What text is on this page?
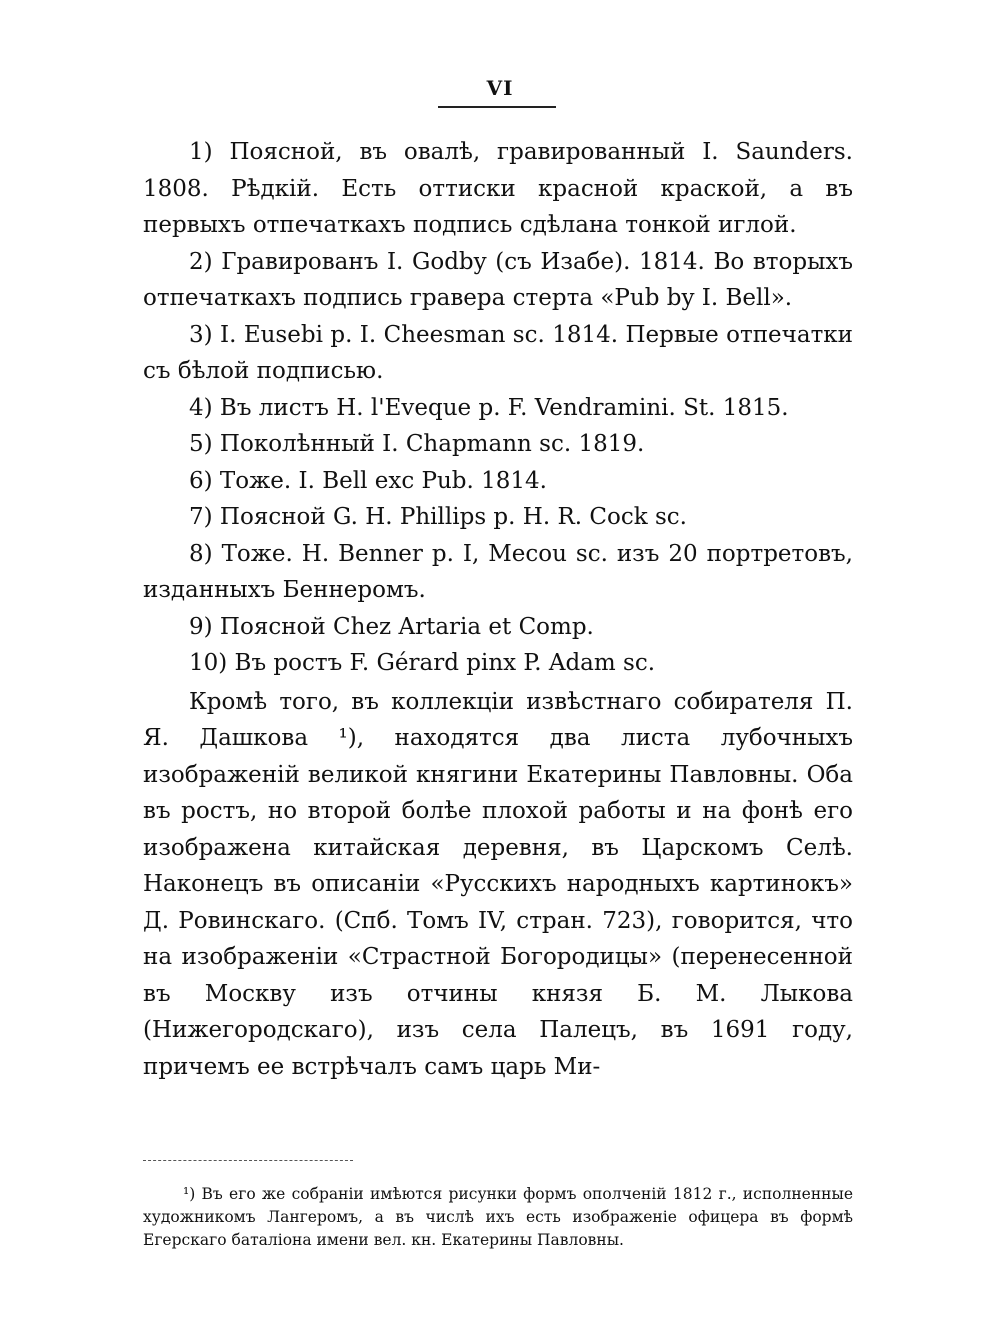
VI

1) Поясной, въ овалѣ, гравированный I. Saunders. 1808. Рѣдкій. Есть оттиски красной краской, а въ первыхъ отпечаткахъ подпись сдѣлана тонкой иглой.

2) Гравированъ I. Godby (съ Изабе). 1814. Во вторыхъ отпечаткахъ подпись гравера стерта «Pub by I. Bell».

3) I. Eusebi p. I. Cheesman sc. 1814. Первые отпечатки съ бѣлой подписью.

4) Въ листъ H. l'Eveque p. F. Vendramini. St. 1815.

5) Поколѣнный I. Chapmann sc. 1819.

6) Тоже. I. Bell exc Pub. 1814.

7) Поясной G. H. Phillips p. H. R. Cock sc.

8) Тоже. H. Benner p. I, Mecou sc. изъ 20 портретовъ, изданныхъ Беннеромъ.

9) Поясной Chez Artaria et Comp.

10) Въ ростъ F. Gérard pinx P. Adam sc.

Кромѣ того, въ коллекціи извѣстнаго собирателя П. Я. Дашкова ¹), находятся два листа лубочныхъ изображеній великой княгини Екатерины Павловны. Оба въ ростъ, но второй болѣе плохой работы и на фонѣ его изображена китайская деревня, въ Царскомъ Селѣ. Наконецъ въ описаніи «Русскихъ народныхъ картинокъ» Д. Ровинскаго. (Спб. Томъ IV, стран. 723), говорится, что на изображеніи «Страстной Богородицы» (перенесенной въ Москву изъ отчины князя Б. М. Лыкова (Нижегородскаго), изъ села Палецъ, въ 1691 году, причемъ ее встрѣчалъ самъ царь Ми-

¹) Въ его же собраніи имѣются рисунки формъ ополченій 1812 г., исполненные художникомъ Лангеромъ, а въ числѣ ихъ есть изображеніе офицера въ формѣ Егерскаго баталіона имени вел. кн. Екатерины Павловны.
